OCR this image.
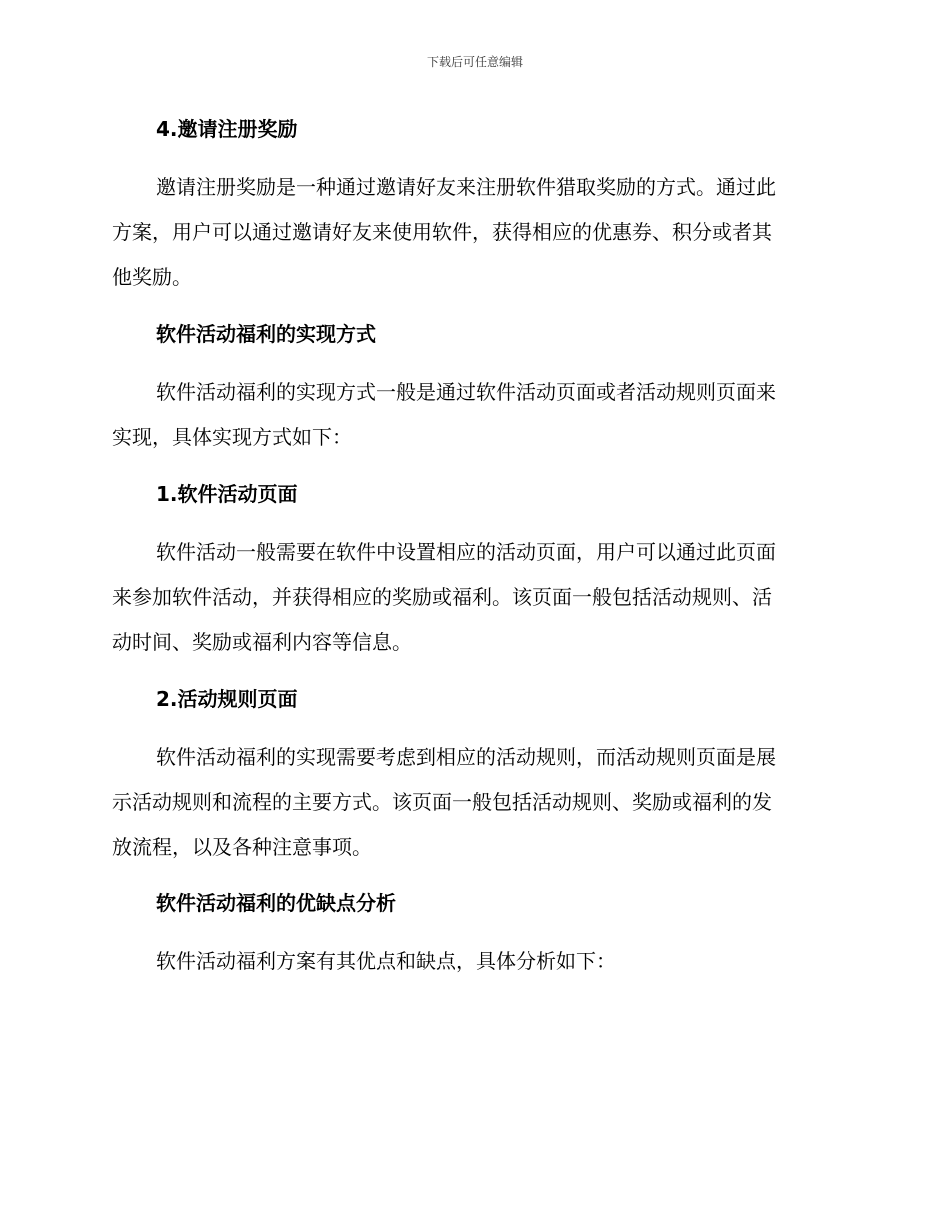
下载后可任意编辑
4.邀请注册奖励
邀请注册奖励是一种通过邀请好友来注册软件猎取奖励的方式。通过此
方案，用户可以通过邀请好友来使用软件，获得相应的优惠券、积分或者其
他奖励。
软件活动福利的实现方式
软件活动福利的实现方式一般是通过软件活动页面或者活动规则页面来
实现，具体实现方式如下：
1.软件活动页面
软件活动一般需要在软件中设置相应的活动页面，用户可以通过此页面
来参加软件活动，并获得相应的奖励或福利。该页面一般包括活动规则、活
动时间、奖励或福利内容等信息。
2.活动规则页面
软件活动福利的实现需要考虑到相应的活动规则，而活动规则页面是展
示活动规则和流程的主要方式。该页面一般包括活动规则、奖励或福利的发
放流程，以及各种注意事项。
软件活动福利的优缺点分析
软件活动福利方案有其优点和缺点，具体分析如下：
